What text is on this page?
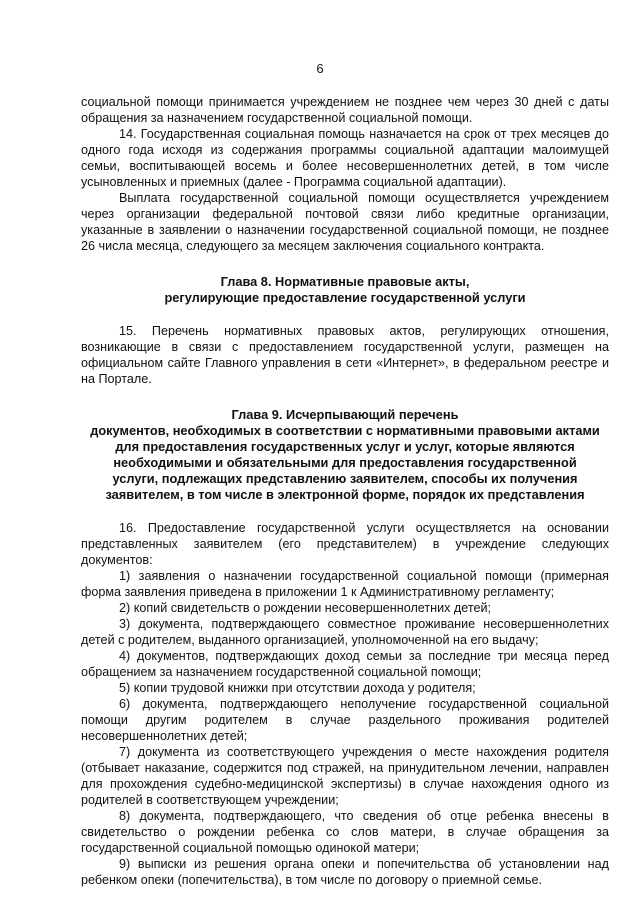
6

социальной помощи принимается учреждением не позднее чем через 30 дней с даты обращения за назначением государственной социальной помощи.

14. Государственная социальная помощь назначается на срок от трех месяцев до одного года исходя из содержания программы социальной адаптации малоимущей семьи, воспитывающей восемь и более несовершеннолетних детей, в том числе усыновленных и приемных (далее - Программа социальной адаптации).

Выплата государственной социальной помощи осуществляется учреждением через организации федеральной почтовой связи либо кредитные организации, указанные в заявлении о назначении государственной социальной помощи, не позднее 26 числа месяца, следующего за месяцем заключения социального контракта.

Глава 8. Нормативные правовые акты,
регулирующие предоставление государственной услуги

15. Перечень нормативных правовых актов, регулирующих отношения, возникающие в связи с предоставлением государственной услуги, размещен на официальном сайте Главного управления в сети «Интернет», в федеральном реестре и на Портале.

Глава 9. Исчерпывающий перечень
документов, необходимых в соответствии с нормативными правовыми актами
для предоставления государственных услуг и услуг, которые являются
необходимыми и обязательными для предоставления государственной
услуги, подлежащих представлению заявителем, способы их получения
заявителем, в том числе в электронной форме, порядок их представления

16. Предоставление государственной услуги осуществляется на основании представленных заявителем (его представителем) в учреждение следующих документов:

1) заявления о назначении государственной социальной помощи (примерная форма заявления приведена в приложении 1 к Административному регламенту;

2) копий свидетельств о рождении несовершеннолетних детей;

3) документа, подтверждающего совместное проживание несовершеннолетних детей с родителем, выданного организацией, уполномоченной на его выдачу;

4) документов, подтверждающих доход семьи за последние три месяца перед обращением за назначением государственной социальной помощи;

5) копии трудовой книжки при отсутствии дохода у родителя;

6) документа, подтверждающего неполучение государственной социальной помощи другим родителем в случае раздельного проживания родителей несовершеннолетних детей;

7) документа из соответствующего учреждения о месте нахождения родителя (отбывает наказание, содержится под стражей, на принудительном лечении, направлен для прохождения судебно-медицинской экспертизы) в случае нахождения одного из родителей в соответствующем учреждении;

8) документа, подтверждающего, что сведения об отце ребенка внесены в свидетельство о рождении ребенка со слов матери, в случае обращения за государственной социальной помощью одинокой матери;

9) выписки из решения органа опеки и попечительства об установлении над ребенком опеки (попечительства), в том числе по договору о приемной семье.
